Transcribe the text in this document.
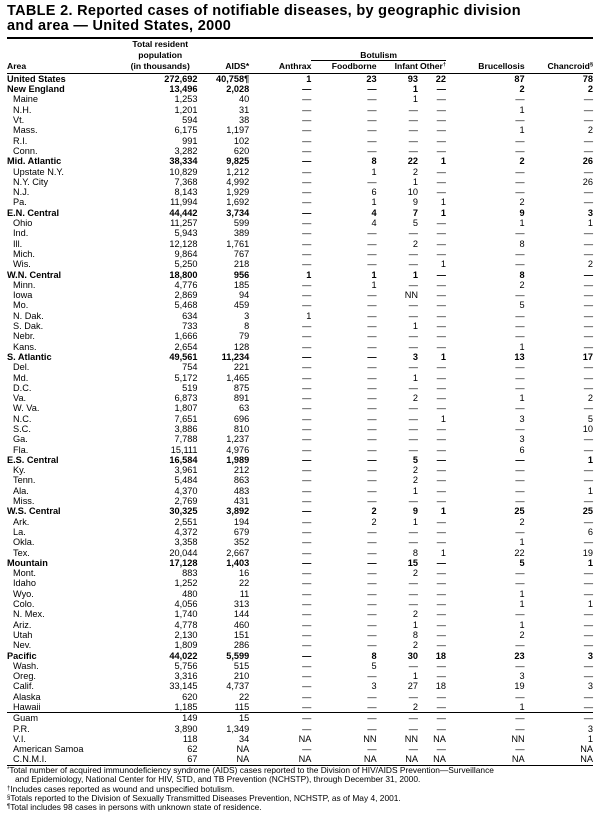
TABLE 2. Reported cases of notifiable diseases, by geographic division
and area — United States, 2000
	Total resident							
	population			Botulism				
Area	(in thousands)	AIDS*	Anthrax	Foodborne	Infant	Other†	Brucellosis	Chancroid§

United States	272,692	40,758¶	1	23	93	22	87	78
New England	13,496	2,028	—	—	1	—	2	2
Maine	1,253	40	—	—	1	—	—	—
N.H.	1,201	31	—	—	—	—	1	—
Vt.	594	38	—	—	—	—	—	—
Mass.	6,175	1,197	—	—	—	—	1	2
R.I.	991	102	—	—	—	—	—	—
Conn.	3,282	620	—	—	—	—	—	—
Mid. Atlantic	38,334	9,825	—	8	22	1	2	26
Upstate N.Y.	10,829	1,212	—	1	2	—	—	—
N.Y. City	7,368	4,992	—	—	1	—	—	26
N.J.	8,143	1,929	—	6	10	—	—	—
Pa.	11,994	1,692	—	1	9	1	2	—
E.N. Central	44,442	3,734	—	4	7	1	9	3
Ohio	11,257	599	—	4	5	—	1	1
Ind.	5,943	389	—	—	—	—	—	—
Ill.	12,128	1,761	—	—	2	—	8	—
Mich.	9,864	767	—	—	—	—	—	—
Wis.	5,250	218	—	—	—	1	—	2
W.N. Central	18,800	956	1	1	1	—	8	—
Minn.	4,776	185	—	1	—	—	2	—
Iowa	2,869	94	—	—	NN	—	—	—
Mo.	5,468	459	—	—	—	—	5	—
N. Dak.	634	3	1	—	—	—	—	—
S. Dak.	733	8	—	—	1	—	—	—
Nebr.	1,666	79	—	—	—	—	—	—
Kans.	2,654	128	—	—	—	—	1	—
S. Atlantic	49,561	11,234	—	—	3	1	13	17
Del.	754	221	—	—	—	—	—	—
Md.	5,172	1,465	—	—	1	—	—	—
D.C.	519	875	—	—	—	—	—	—
Va.	6,873	891	—	—	2	—	1	2
W. Va.	1,807	63	—	—	—	—	—	—
N.C.	7,651	696	—	—	—	1	3	5
S.C.	3,886	810	—	—	—	—	—	10
Ga.	7,788	1,237	—	—	—	—	3	—
Fla.	15,111	4,976	—	—	—	—	6	—
E.S. Central	16,584	1,989	—	—	5	—	—	1
Ky.	3,961	212	—	—	2	—	—	—
Tenn.	5,484	863	—	—	2	—	—	—
Ala.	4,370	483	—	—	1	—	—	1
Miss.	2,769	431	—	—	—	—	—	—
W.S. Central	30,325	3,892	—	2	9	1	25	25
Ark.	2,551	194	—	2	1	—	2	—
La.	4,372	679	—	—	—	—	—	6
Okla.	3,358	352	—	—	—	—	1	—
Tex.	20,044	2,667	—	—	8	1	22	19
Mountain	17,128	1,403	—	—	15	—	5	1
Mont.	883	16	—	—	2	—	—	—
Idaho	1,252	22	—	—	—	—	—	—
Wyo.	480	11	—	—	—	—	1	—
Colo.	4,056	313	—	—	—	—	1	1
N. Mex.	1,740	144	—	—	2	—	—	—
Ariz.	4,778	460	—	—	1	—	1	—
Utah	2,130	151	—	—	8	—	2	—
Nev.	1,809	286	—	—	2	—	—	—
Pacific	44,022	5,599	—	8	30	18	23	3
Wash.	5,756	515	—	5	—	—	—	—
Oreg.	3,316	210	—	—	1	—	3	—
Calif.	33,145	4,737	—	3	27	18	19	3
Alaska	620	22	—	—	—	—	—	—
Hawaii	1,185	115	—	—	2	—	1	—
Guam	149	15	—	—	—	—	—	—
P.R.	3,890	1,349	—	—	—	—	—	3
V.I.	118	34	NA	NN	NN	NA	NN	1
American Samoa	62	NA	—	—	—	—	—	NA
C.N.M.I.	67	NA	NA	NA	NA	NA	NA	NA
*Total number of acquired immunodeficiency syndrome (AIDS) cases reported to the Division of HIV/AIDS Prevention—Surveillance
and Epidemiology, National Center for HIV, STD, and TB Prevention (NCHSTP), through December 31, 2000.
†Includes cases reported as wound and unspecified botulism.
§Totals reported to the Division of Sexually Transmitted Diseases Prevention, NCHSTP, as of May 4, 2001.
¶Total includes 98 cases in persons with unknown state of residence.
